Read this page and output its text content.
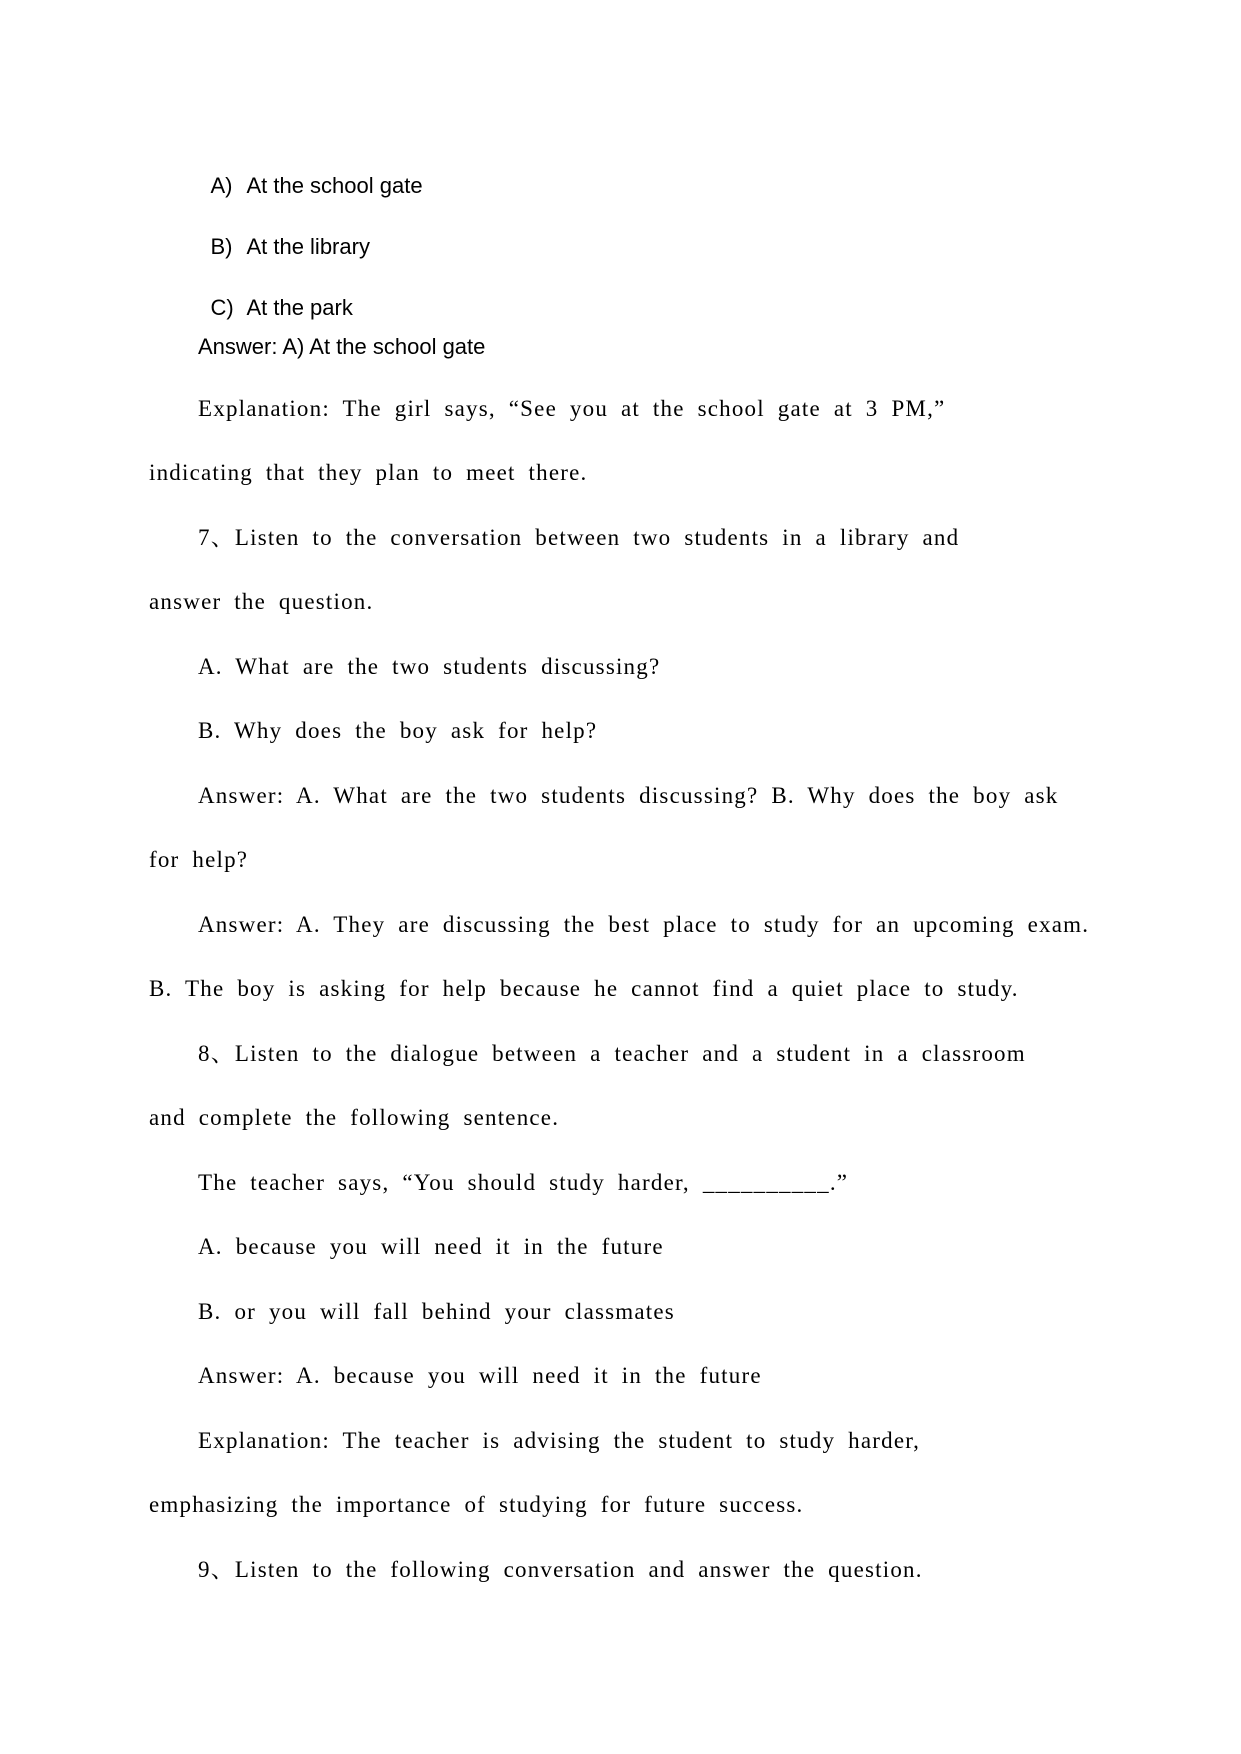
A) At the school gate

B) At the library

C) At the park

Answer: A) At the school gate
Explanation: The girl says, “See you at the school gate at 3 PM,”
indicating that they plan to meet there.
7、Listen to the conversation between two students in a library and
answer the question.
A. What are the two students discussing?
B. Why does the boy ask for help?
Answer: A. What are the two students discussing? B. Why does the boy ask
for help?
Answer: A. They are discussing the best place to study for an upcoming exam.
B. The boy is asking for help because he cannot find a quiet place to study.
8、Listen to the dialogue between a teacher and a student in a classroom
and complete the following sentence.
The teacher says, “You should study harder, __________.”
A. because you will need it in the future
B. or you will fall behind your classmates
Answer: A. because you will need it in the future
Explanation: The teacher is advising the student to study harder,
emphasizing the importance of studying for future success.
9、Listen to the following conversation and answer the question.
